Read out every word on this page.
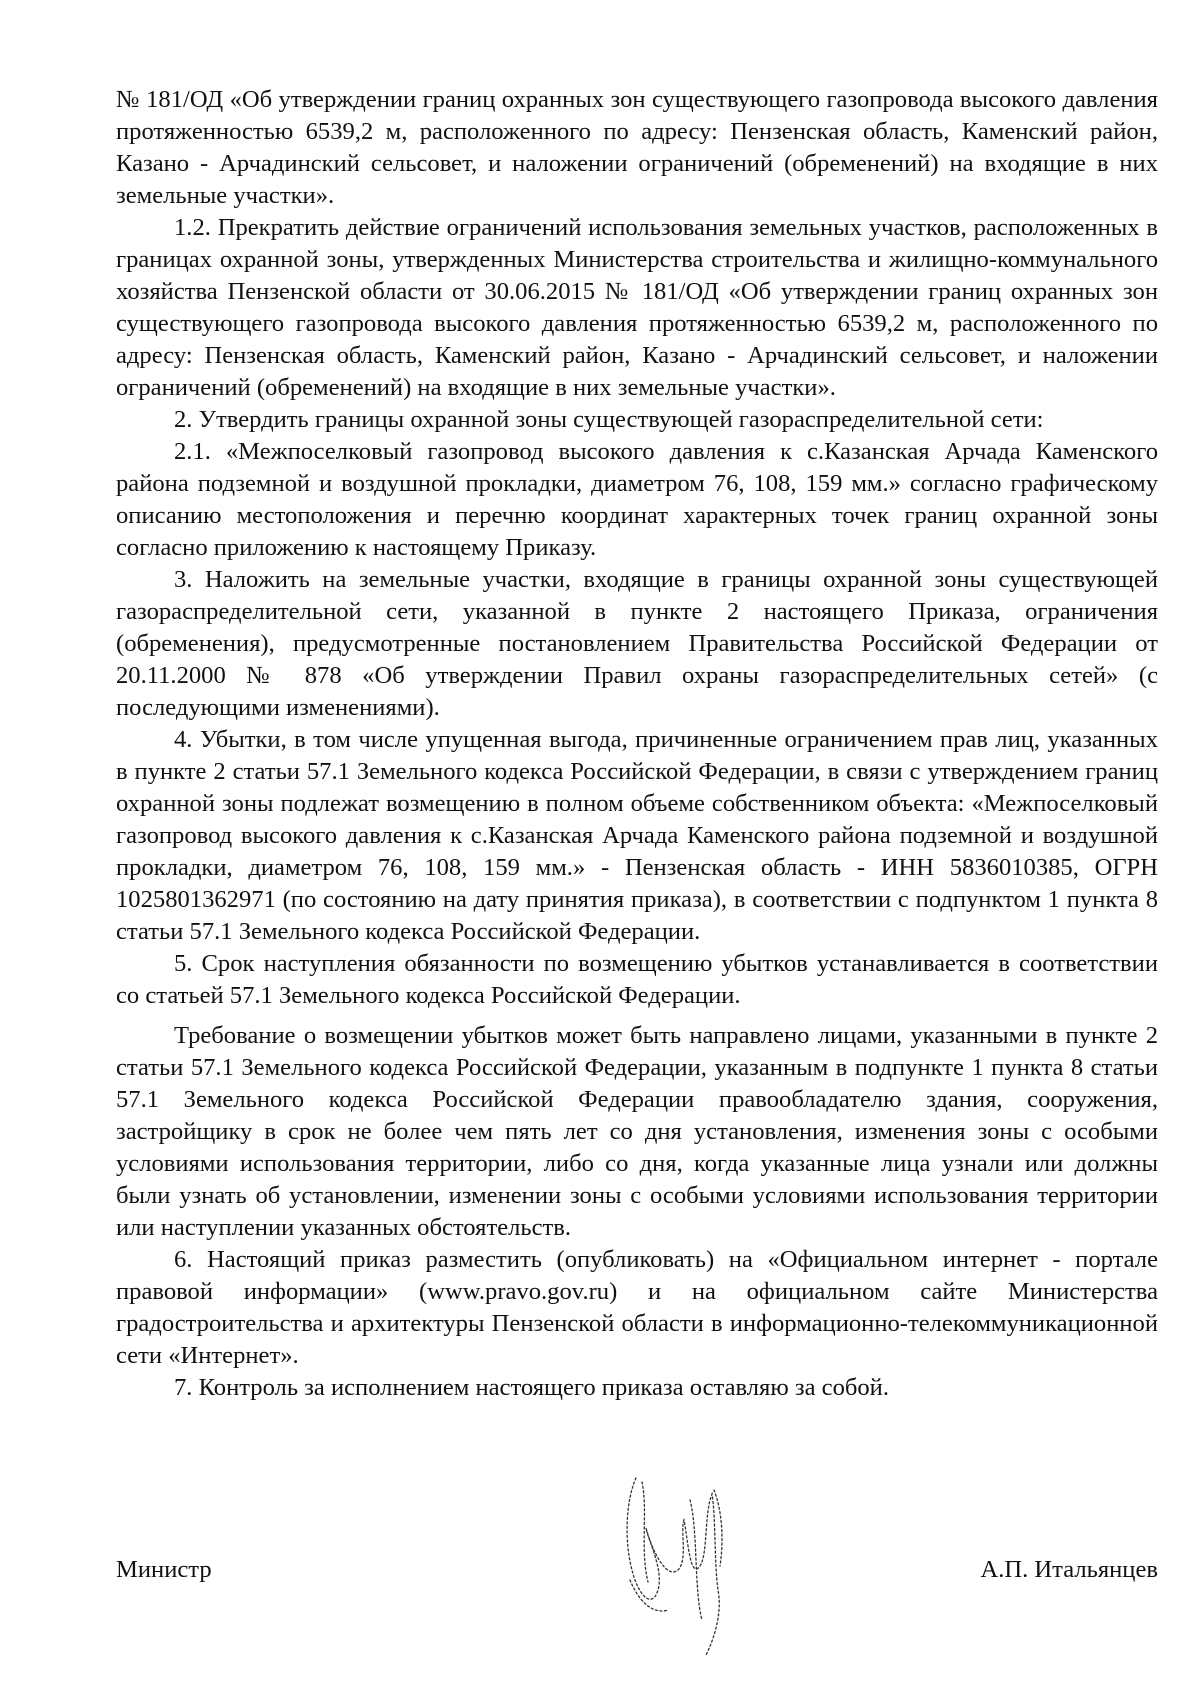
№ 181/ОД «Об утверждении границ охранных зон существующего газопровода высокого давления протяженностью 6539,2 м, расположенного по адресу: Пензенская область, Каменский район, Казано - Арчадинский сельсовет, и наложении ограничений (обременений) на входящие в них земельные участки».

1.2. Прекратить действие ограничений использования земельных участков, расположенных в границах охранной зоны, утвержденных Министерства строительства и жилищно-коммунального хозяйства Пензенской области от 30.06.2015 № 181/ОД «Об утверждении границ охранных зон существующего газопровода высокого давления протяженностью 6539,2 м, расположенного по адресу: Пензенская область, Каменский район, Казано - Арчадинский сельсовет, и наложении ограничений (обременений) на входящие в них земельные участки».

2. Утвердить границы охранной зоны существующей газораспределительной сети:

2.1. «Межпоселковый газопровод высокого давления к с.Казанская Арчада Каменского района подземной и воздушной прокладки, диаметром 76, 108, 159 мм.» согласно графическому описанию местоположения и перечню координат характерных точек границ охранной зоны согласно приложению к настоящему Приказу.

3. Наложить на земельные участки, входящие в границы охранной зоны существующей газораспределительной сети, указанной в пункте 2 настоящего Приказа, ограничения (обременения), предусмотренные постановлением Правительства Российской Федерации от 20.11.2000 № 878 «Об утверждении Правил охраны газораспределительных сетей» (с последующими изменениями).

4. Убытки, в том числе упущенная выгода, причиненные ограничением прав лиц, указанных в пункте 2 статьи 57.1 Земельного кодекса Российской Федерации, в связи с утверждением границ охранной зоны подлежат возмещению в полном объеме собственником объекта: «Межпоселковый газопровод высокого давления к с.Казанская Арчада Каменского района подземной и воздушной прокладки, диаметром 76, 108, 159 мм.» - Пензенская область - ИНН 5836010385, ОГРН 1025801362971 (по состоянию на дату принятия приказа), в соответствии с подпунктом 1 пункта 8 статьи 57.1 Земельного кодекса Российской Федерации.

5. Срок наступления обязанности по возмещению убытков устанавливается в соответствии со статьей 57.1 Земельного кодекса Российской Федерации.

Требование о возмещении убытков может быть направлено лицами, указанными в пункте 2 статьи 57.1 Земельного кодекса Российской Федерации, указанным в подпункте 1 пункта 8 статьи 57.1 Земельного кодекса Российской Федерации правообладателю здания, сооружения, застройщику в срок не более чем пять лет со дня установления, изменения зоны с особыми условиями использования территории, либо со дня, когда указанные лица узнали или должны были узнать об установлении, изменении зоны с особыми условиями использования территории или наступлении указанных обстоятельств.

6. Настоящий приказ разместить (опубликовать) на «Официальном интернет - портале правовой информации» (www.pravo.gov.ru) и на официальном сайте Министерства градостроительства и архитектуры Пензенской области в информационно-телекоммуникационной сети «Интернет».

7. Контроль за исполнением настоящего приказа оставляю за собой.

Министр	А.П. Итальянцев
